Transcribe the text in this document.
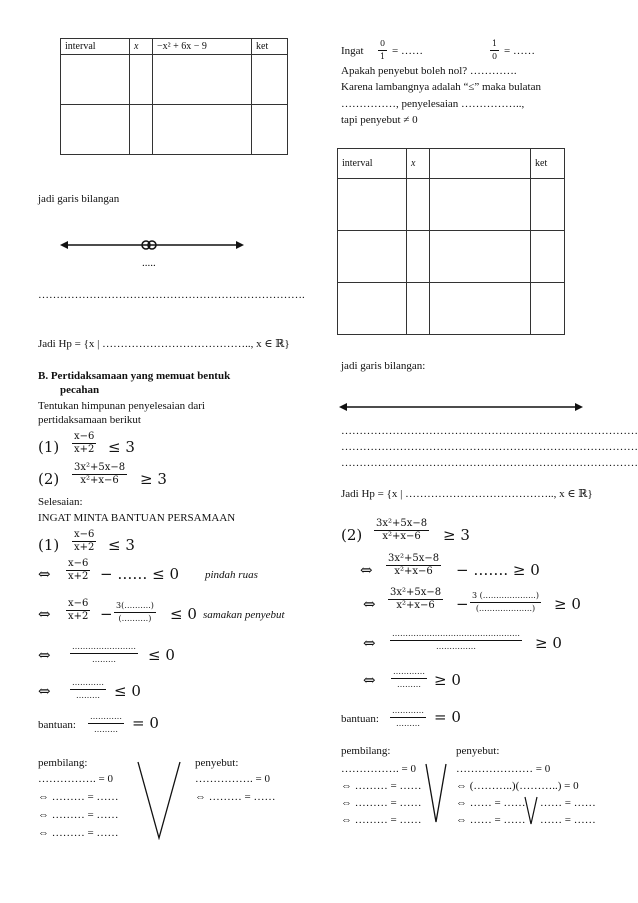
interval	x	−x² + 6x − 9	ket

jadi garis bilangan
.....
……………………………………………………………….
Jadi Hp = {x | ………………………………….., x ∈ ℝ}
B. Pertidaksamaan yang memuat bentuk
pecahan
Tentukan himpunan penyelesaian dari
pertidaksamaan berikut
$(1) \frac{x-6}{x+2} \le 3$
$(2) \frac{\text{3x²+5x−8}}{\text{x²+x−6}} \ge 3$
Selesaian:
INGAT MINTA BANTUAN PERSAMAAN
$(1) \frac{x-6}{x+2} \le 3$
⇔ $\frac{x-6}{x+2}$ − …… ≤ 0 pindah ruas
⇔ $\frac{x-6}{x+2}$ − 3(……….)
(……….)	≤ 0 samakan penyebut
⇔	……………………
………	≤ 0
⇔	…………
……… ≤ 0
bantuan:
…………
……… = 0
pembilang:
……………. = 0
⇔ ……… = ……
⇔ ……… = ……
⇔ ……… = ……
penyebut:
……………. = 0
⇔ ……… = ……
Ingat $\frac{0}{1}$ = ……	$\frac{1}{0}$ = ……
Apakah penyebut boleh nol? ………….
Karena lambangnya adalah “≤” maka bulatan
……………, penyelesaian ……………..,
tapi penyebut ≠ 0
interval	x		ket

jadi garis bilangan:
………………………………………………………………………
………………………………………………………………………
………………………………………………………………………
Jadi Hp = {x | ………………………………….., x ∈ ℝ}
$(2) \frac{\text{3x²+5x−8}}{\text{x²+x−6}} \ge 3$
⇔ $\frac{\text{3x²+5x−8}}{\text{x²+x−6}}$ − ……. ≥ 0
⇔ $\frac{\text{3x²+5x−8}}{\text{x²+x−6}} - 3$ (………………..)
(………………..)	≥ 0
⇔
…………………………………………
……………	≥ 0
⇔ …………
……… ≥ 0
bantuan:
…………
……… = 0
pembilang:
……………. = 0
⇔ ……… = ……
⇔ ……… = ……
⇔ ……… = ……
penyebut:
………………… = 0
⇔ (………..)(………..) = 0
⇔ …… = ……
⇔ …… = ……
…… = ……
…… = ……
